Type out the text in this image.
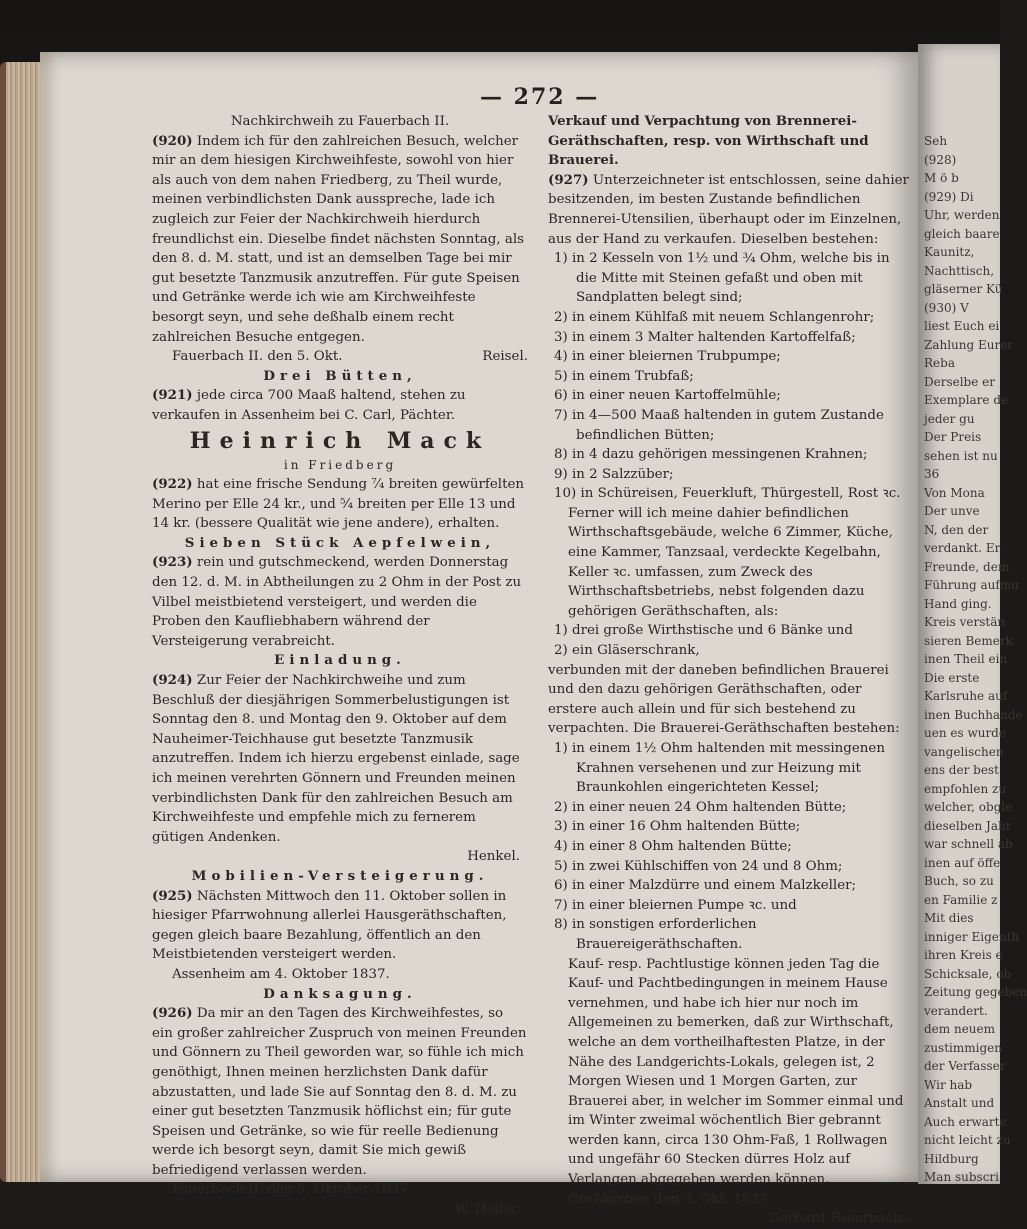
— 272 —

Nachkirchweih zu Fauerbach II.

(920) Indem ich für den zahlreichen Besuch, welcher mir an dem hiesigen Kirchweihfeste, sowohl von hier als auch von dem nahen Friedberg, zu Theil wurde, meinen verbindlichsten Dank ausspreche, lade ich zugleich zur Feier der Nachkirchweih hierdurch freundlichst ein. Dieselbe findet nächsten Sonntag, als den 8. d. M. statt, und ist an demselben Tage bei mir gut besetzte Tanzmusik anzutreffen. Für gute Speisen und Getränke werde ich wie am Kirchweihfeste besorgt seyn, und sehe deßhalb einem recht zahlreichen Besuche entgegen.

Fauerbach II. den 5. Okt.	Reisel.

Drei Bütten,

(921) jede circa 700 Maaß haltend, stehen zu verkaufen in Assenheim bei C. Carl, Pächter.

Heinrich Mack

in Friedberg

(922) hat eine frische Sendung ⁷⁄₄ breiten gewürfelten Merino per Elle 24 kr., und ⁵⁄₄ breiten per Elle 13 und 14 kr. (bessere Qualität wie jene andere), erhalten.

Sieben Stück Aepfelwein,

(923) rein und gutschmeckend, werden Donnerstag den 12. d. M. in Abtheilungen zu 2 Ohm in der Post zu Vilbel meistbietend versteigert, und werden die Proben den Kaufliebhabern während der Versteigerung verabreicht.

Einladung.

(924) Zur Feier der Nachkirchweihe und zum Beschluß der diesjährigen Sommerbelustigungen ist Sonntag den 8. und Montag den 9. Oktober auf dem Nauheimer-Teichhause gut besetzte Tanzmusik anzutreffen. Indem ich hierzu ergebenst einlade, sage ich meinen verehrten Gönnern und Freunden meinen verbindlichsten Dank für den zahlreichen Besuch am Kirchweihfeste und empfehle mich zu fernerem gütigen Andenken.

Henkel.

Mobilien-Versteigerung.

(925) Nächsten Mittwoch den 11. Oktober sollen in hiesiger Pfarrwohnung allerlei Hausgeräthschaften, gegen gleich baare Bezahlung, öffentlich an den Meistbietenden versteigert werden.

Assenheim am 4. Oktober 1837.

Danksagung.

(926) Da mir an den Tagen des Kirchweihfestes, so ein großer zahlreicher Zuspruch von meinen Freunden und Gönnern zu Theil geworden war, so fühle ich mich genöthigt, Ihnen meinen herzlichsten Dank dafür abzustatten, und lade Sie auf Sonntag den 8. d. M. zu einer gut besetzten Tanzmusik höflichst ein; für gute Speisen und Getränke, so wie für reelle Bedienung werde ich besorgt seyn, damit Sie mich gewiß befriedigend verlassen werden.

Fauerbach II. den 5. Oktober 1837.

W. Holler.

Verkauf und Verpachtung von Brennerei-Geräthschaften, resp. von Wirthschaft und Brauerei.

(927) Unterzeichneter ist entschlossen, seine dahier besitzenden, im besten Zustande befindlichen Brennerei-Utensilien, überhaupt oder im Einzelnen, aus der Hand zu verkaufen. Dieselben bestehen:

1) in 2 Kesseln von 1½ und ¾ Ohm, welche bis in die Mitte mit Steinen gefaßt und oben mit Sandplatten belegt sind;
2) in einem Kühlfaß mit neuem Schlangenrohr;
3) in einem 3 Malter haltenden Kartoffelfaß;
4) in einer bleiernen Trubpumpe;
5) in einem Trubfaß;
6) in einer neuen Kartoffelmühle;
7) in 4—500 Maaß haltenden in gutem Zustande befindlichen Bütten;
8) in 4 dazu gehörigen messingenen Krahnen;
9) in 2 Salzzüber;
10) in Schüreisen, Feuerkluft, Thürgestell, Rost ꝛc.

Ferner will ich meine dahier befindlichen Wirthschaftsgebäude, welche 6 Zimmer, Küche, eine Kammer, Tanzsaal, verdeckte Kegelbahn, Keller ꝛc. umfassen, zum Zweck des Wirthschaftsbetriebs, nebst folgenden dazu gehörigen Geräthschaften, als:

1) drei große Wirthstische und 6 Bänke und
2) ein Gläserschrank,

verbunden mit der daneben befindlichen Brauerei und den dazu gehörigen Geräthschaften, oder erstere auch allein und für sich bestehend zu verpachten. Die Brauerei-Geräthschaften bestehen:

1) in einem 1½ Ohm haltenden mit messingenen Krahnen versehenen und zur Heizung mit Braunkohlen eingerichteten Kessel;
2) in einer neuen 24 Ohm haltenden Bütte;
3) in einer 16 Ohm haltenden Bütte;
4) in einer 8 Ohm haltenden Bütte;
5) in zwei Kühlschiffen von 24 und 8 Ohm;
6) in einer Malzdürre und einem Malzkeller;
7) in einer bleiernen Pumpe ꝛc. und
8) in sonstigen erforderlichen Brauereigeräthschaften.

Kauf- resp. Pachtlustige können jeden Tag die Kauf- und Pachtbedingungen in meinem Hause vernehmen, und habe ich hier nur noch im Allgemeinen zu bemerken, daß zur Wirthschaft, welche an dem vortheilhaftesten Platze, in der Nähe des Landgerichts-Lokals, gelegen ist, 2 Morgen Wiesen und 1 Morgen Garten, zur Brauerei aber, in welcher im Sommer einmal und im Winter zweimal wöchentlich Bier gebrannt werden kann, circa 130 Ohm-Faß, 1 Rollwagen und ungefähr 60 Stecken dürres Holz auf Verlangen abgegeben werden können.

Großkarben den 3. Okt. 1837.

Gerhard Fauerbach.

Seh
(928)
M ö b
(929) Di
Uhr, werden
gleich baare
Kaunitz,
Nachttisch,
gläserner Kü
(930) V
liest Euch ei
Zahlung Eurer
Reba
Derselbe er
Exemplare de
jeder gu
Der Preis
sehen ist nu
36
Von Mona
Der unve
N, den der
verdankt. Er
Freunde, dem
Führung aufmu
Hand ging.
Kreis verstän
sieren Bemerk
inen Theil ein
Die erste
Karlsruhe auf
inen Buchhande
uen es wurde
vangelischen
ens der best
empfohlen zu
welcher, obgle
dieselben Jahr
war schnell ab
inen auf öffe
Buch, so zu
en Familie z
Mit dies
inniger Eigenth
ihren Kreis e
Schicksale, ob
Zeitung gegeben
verandert.
dem neuem
zustimmigen
der Verfasser
Wir hab
Anstalt und
Auch erwarte
nicht leicht zu
Hildburg
Man subscri
